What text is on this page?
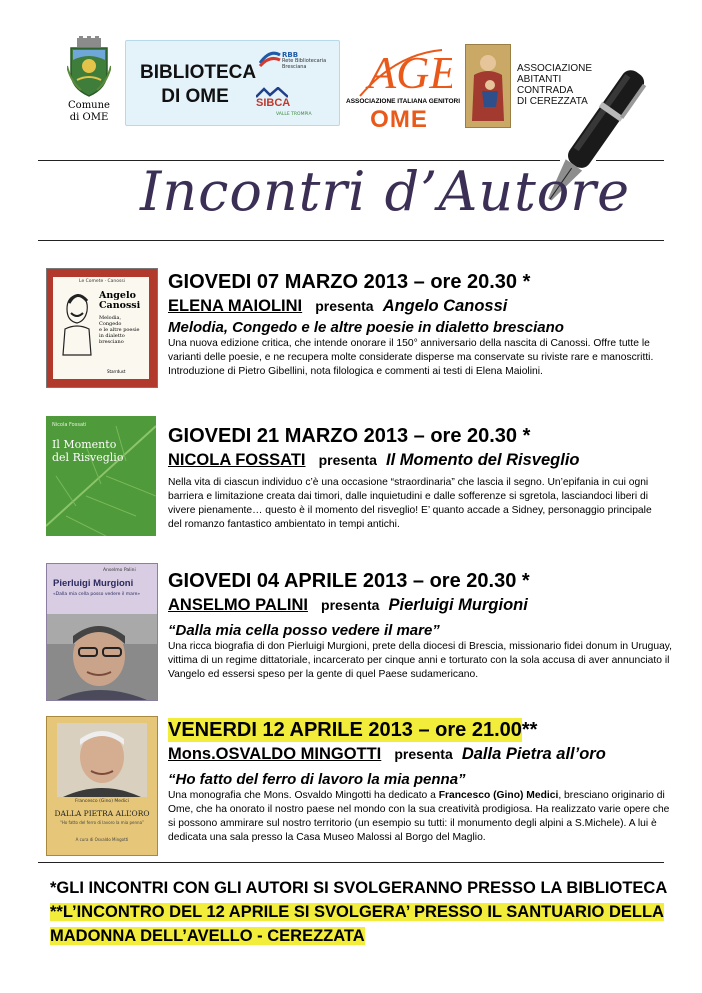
Comune
di OME
BIBLIOTECA
DI OME
RBB
Rete Bibliotecaria Bresciana
SIBCA
VALLE TROMPIA
AGE
ASSOCIAZIONE ITALIANA GENITORI
OME
ASSOCIAZIONE
ABITANTI
CONTRADA
DI CEREZZATA
Incontri d’Autore
Le Comete · Canossi
Angelo
Canossi
Melodia,
Congedo
e le altre poesie
in dialetto bresciano
Starrdust
GIOVEDI 07 MARZO 2013 – ore 20.30 *
ELENA MAIOLINI presenta Angelo Canossi
Melodia, Congedo e le altre poesie in dialetto bresciano
Una nuova edizione critica, che intende onorare il 150° anniversario della nascita di Canossi. Offre tutte le varianti delle poesie, e ne recupera molte considerate disperse ma conservate su riviste rare e manoscritti. Introduzione di Pietro Gibellini, nota filologica e commenti ai testi di Elena Maiolini.
Nicola Fossati
Il Momento
del Risveglio
GIOVEDI 21 MARZO 2013 – ore 20.30 *
NICOLA FOSSATI presenta Il Momento del Risveglio
Nella vita di ciascun individuo c’è una occasione “straordinaria” che lascia il segno. Un’epifania in cui ogni barriera e limitazione creata dai timori, dalle inquietudini e dalle sofferenze si sgretola, lasciandoci liberi di vivere pienamente… questo è il momento del risveglio! E’ quanto accade a Sidney, personaggio principale del romanzo fantastico ambientato in tempi antichi.
Anselmo Palini
Pierluigi Murgioni
«Dalla mia cella posso vedere il mare»
GIOVEDI 04 APRILE 2013 – ore 20.30 *
ANSELMO PALINI presenta Pierluigi Murgioni
“Dalla mia cella posso vedere il mare”
Una ricca biografia di don Pierluigi Murgioni, prete della diocesi di Brescia, missionario fidei donum in Uruguay, vittima di un regime dittatoriale, incarcerato per cinque anni e torturato con la sola accusa di aver annunciato il Vangelo ed essersi speso per la gente di quel Paese sudamericano.
Francesco (Gino) Medici
DALLA PIETRA ALL’ORO
“Ho fatto del ferro di lavoro la mia penna”
A cura di Osvaldo Mingotti
VENERDI 12 APRILE 2013 – ore 21.00**
Mons.OSVALDO MINGOTTI presenta Dalla Pietra all’oro
“Ho fatto del ferro di lavoro la mia penna”
Una monografia che Mons. Osvaldo Mingotti ha dedicato a Francesco (Gino) Medici, bresciano originario di Ome, che ha onorato il nostro paese nel mondo con la sua creatività prodigiosa. Ha realizzato varie opere che si possono ammirare sul nostro territorio (un esempio su tutti: il monumento degli alpini a S.Michele). A lui è dedicata una sala presso la Casa Museo Malossi al Borgo del Maglio.
*GLI INCONTRI CON GLI AUTORI SI SVOLGERANNO PRESSO LA BIBLIOTECA
**L’INCONTRO DEL 12 APRILE SI SVOLGERA’ PRESSO IL SANTUARIO DELLA
MADONNA DELL’AVELLO - CEREZZATA
